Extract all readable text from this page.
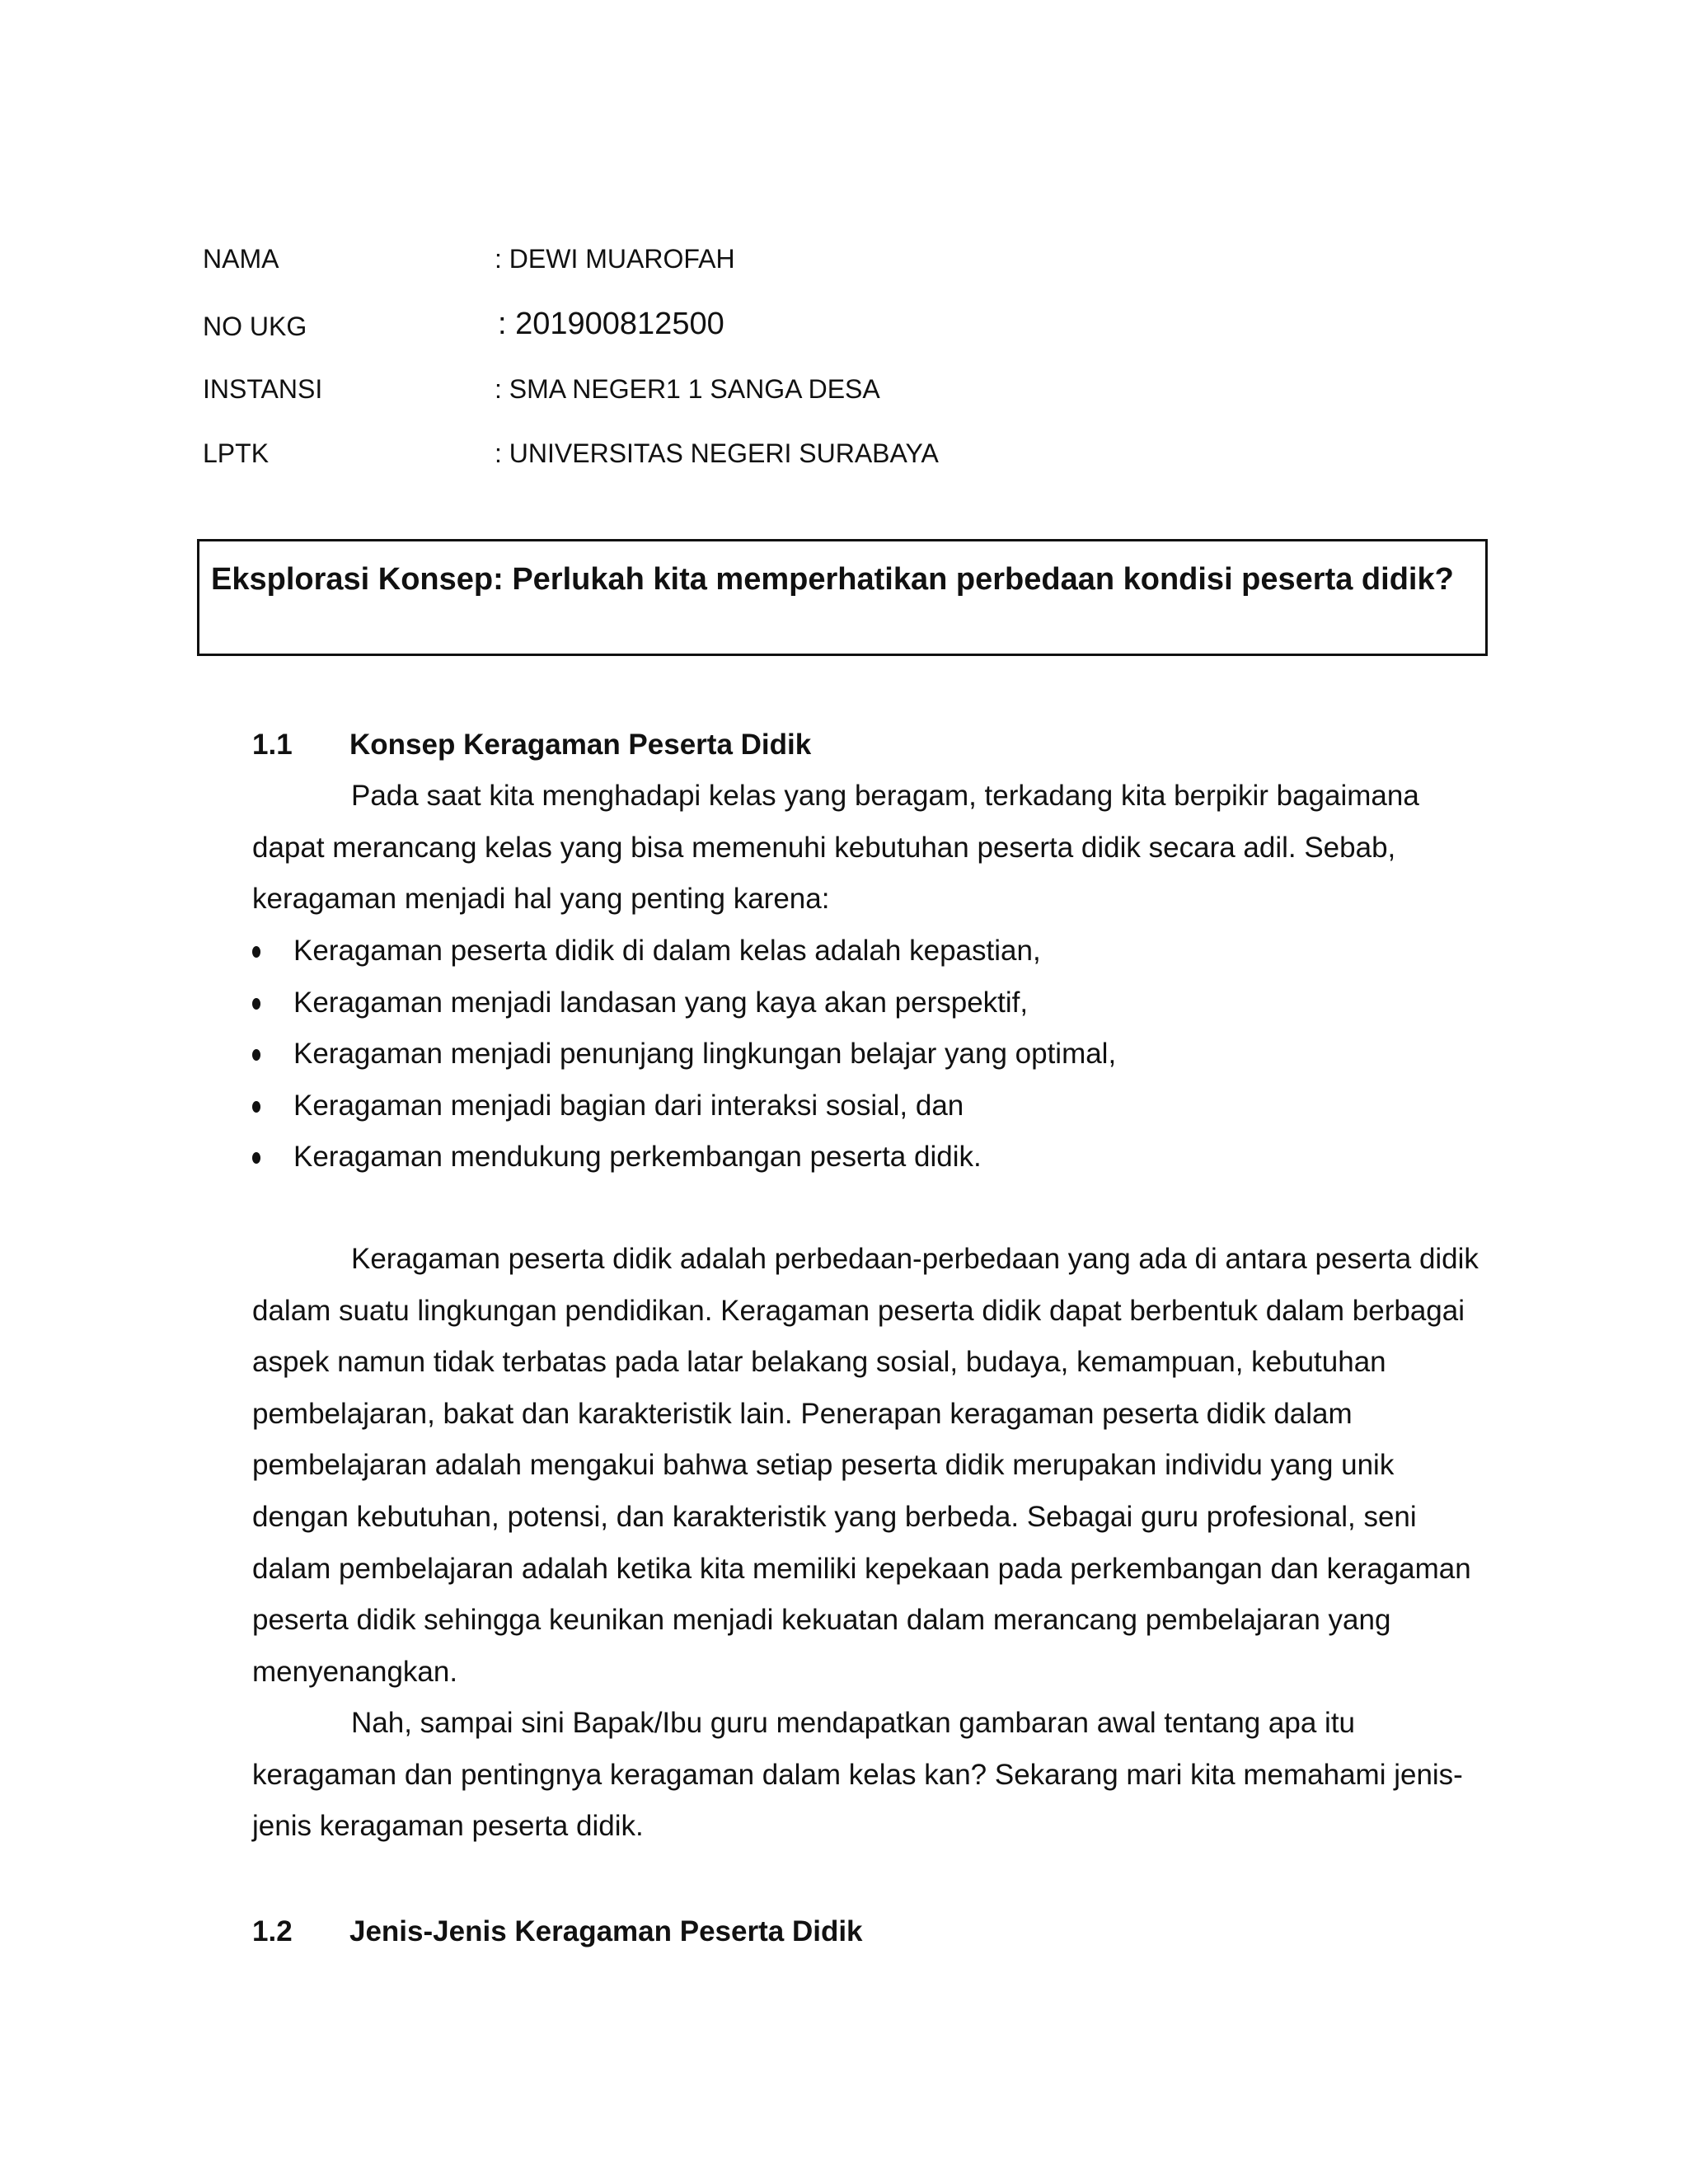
NAMA	: DEWI MUAROFAH
NO UKG	: 201900812500
INSTANSI	: SMA NEGER1 1 SANGA DESA
LPTK	: UNIVERSITAS NEGERI SURABAYA
Eksplorasi Konsep: Perlukah kita memperhatikan perbedaan kondisi peserta didik?
1.1 Konsep Keragaman Peserta Didik

Pada saat kita menghadapi kelas yang beragam, terkadang kita berpikir bagaimana dapat merancang kelas yang bisa memenuhi kebutuhan peserta didik secara adil. Sebab, keragaman menjadi hal yang penting karena:

Keragaman peserta didik di dalam kelas adalah kepastian,
Keragaman menjadi landasan yang kaya akan perspektif,
Keragaman menjadi penunjang lingkungan belajar yang optimal,
Keragaman menjadi bagian dari interaksi sosial, dan
Keragaman mendukung perkembangan peserta didik.

Keragaman peserta didik adalah perbedaan-perbedaan yang ada di antara peserta didik dalam suatu lingkungan pendidikan. Keragaman peserta didik dapat berbentuk dalam berbagai aspek namun tidak terbatas pada latar belakang sosial, budaya, kemampuan, kebutuhan pembelajaran, bakat dan karakteristik lain. Penerapan keragaman peserta didik dalam pembelajaran adalah mengakui bahwa setiap peserta didik merupakan individu yang unik dengan kebutuhan, potensi, dan karakteristik yang berbeda. Sebagai guru profesional, seni dalam pembelajaran adalah ketika kita memiliki kepekaan pada perkembangan dan keragaman peserta didik sehingga keunikan menjadi kekuatan dalam merancang pembelajaran yang menyenangkan.

Nah, sampai sini Bapak/Ibu guru mendapatkan gambaran awal tentang apa itu keragaman dan pentingnya keragaman dalam kelas kan? Sekarang mari kita memahami jenis-jenis keragaman peserta didik.

1.2 Jenis-Jenis Keragaman Peserta Didik
